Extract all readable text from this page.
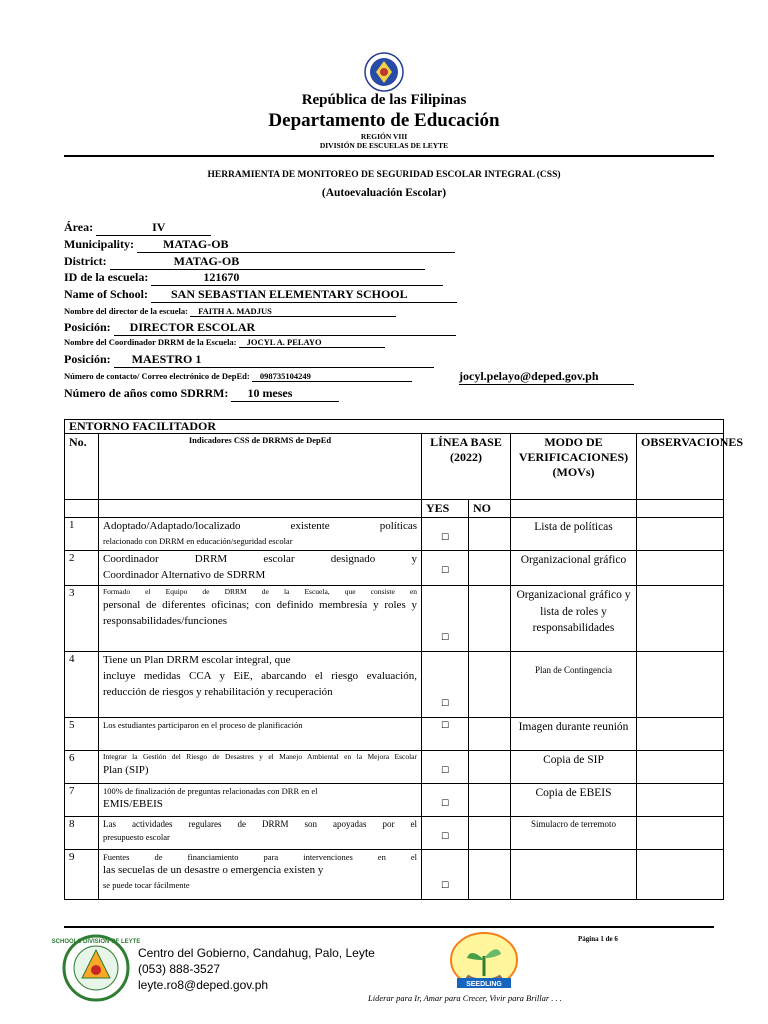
República de las Filipinas
Departamento de Educación
REGIÓN VIII
DIVISIÓN DE ESCUELAS DE LEYTE
HERRAMIENTA DE MONITOREO DE SEGURIDAD ESCOLAR INTEGRAL (CSS)
(Autoevaluación Escolar)
Área:	IV
Municipality: MATAG-OB
District:	MATAG-OB
ID de la escuela:	121670
Name of School: SAN SEBASTIAN ELEMENTARY SCHOOL
Nombre del director de la escuela: FAITH A. MADJUS
Posición: DIRECTOR ESCOLAR
Nombre del Coordinador DRRM de la Escuela: JOCYL A. PELAYO
Posición: MAESTRO 1
Número de contacto/ Correo electrónico de DepEd: 098735104249	jocyl.pelayo@deped.gov.ph
Número de años como SDRRM: 10 meses
ENTORNO FACILITADOR					
No.	Indicadores CSS de DRRMS de DepEd	LÍNEA BASE (2022)		MODO DE VERIFICACIONES) (MOVs)	OBSERVACIONES
		YES	NO		
1	Adoptado/Adaptado/localizado existente políticas
relacionado con DRRM en educación/seguridad escolar	☐		Lista de políticas	
2	Coordinador DRRM escolar designado y
Coordinador Alternativo de SDRRM	☐		Organizacional gráfico	
3	Formado el Equipo de DRRM de la Escuela, que consiste en
personal de diferentes oficinas; con definido membresía y roles y responsabilidades/funciones	☐		Organizacional gráfico y lista de roles y responsabilidades	
4	Tiene un Plan DRRM escolar integral, que
incluye medidas CCA y EiE, abarcando el riesgo evaluación, reducción de riesgos y rehabilitación y recuperación	☐		Plan de Contingencia	
5	Los estudiantes participaron en el proceso de planificación	☐		Imagen durante reunión	
6	Integrar la Gestión del Riesgo de Desastres y el Manejo Ambiental en la Mejora Escolar
Plan (SIP)	☐		Copia de SIP	
7	100% de finalización de preguntas relacionadas con DRR en el
EMIS/EBEIS	☐		Copia de EBEIS	
8	Las actividades regulares de DRRM son apoyadas por el
presupuesto escolar	☐		Simulacro de terremoto	
9	Fuentes de financiamiento para intervenciones en el
las secuelas de un desastre o emergencia existen y
se puede tocar fácilmente	☐			

SCHOOLS DIVISION OF LEYTE
Centro del Gobierno, Candahug, Palo, Leyte
(053) 888-3527
leyte.ro8@deped.gov.ph	SEEDLING
Página 1 de 6
Liderar para Ir, Amar para Crecer, Vivir para Brillar . . .
